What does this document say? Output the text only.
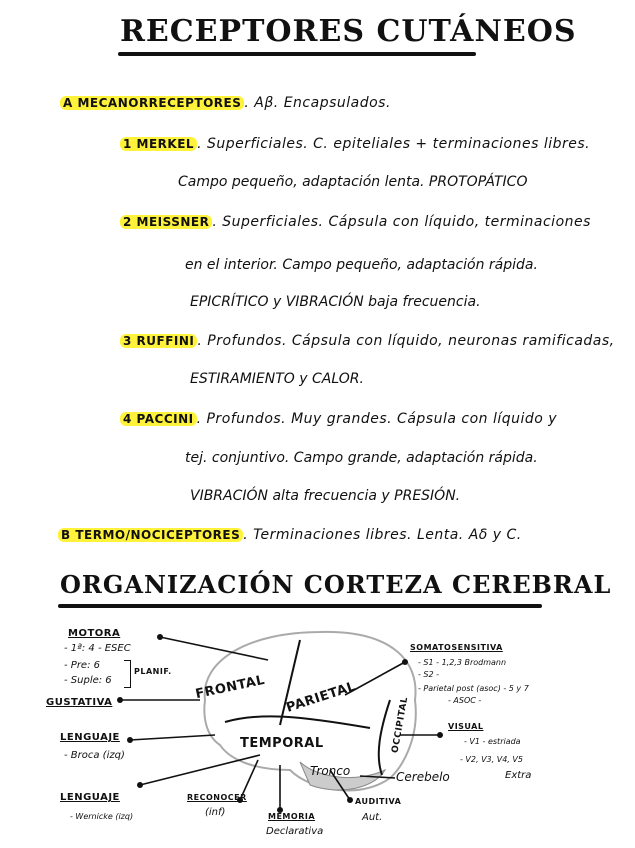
RECEPTORES CUTÁNEOS
A MECANORRECEPTORES . Aβ. Encapsulados.
1 MERKEL . Superficiales. C. epiteliales + terminaciones libres.
Campo pequeño, adaptación lenta. PROTOPÁTICO
2 MEISSNER . Superficiales. Cápsula con líquido, terminaciones
en el interior. Campo pequeño, adaptación rápida.
EPICRÍTICO y VIBRACIÓN baja frecuencia.
3 RUFFINI . Profundos. Cápsula con líquido, neuronas ramificadas,
ESTIRAMIENTO y CALOR.
4 PACCINI . Profundos. Muy grandes. Cápsula con líquido y
tej. conjuntivo. Campo grande, adaptación rápida.
VIBRACIÓN alta frecuencia y PRESIÓN.
B TERMO/NOCICEPTORES . Terminaciones libres. Lenta. Aδ y C.
ORGANIZACIÓN CORTEZA CEREBRAL
FRONTAL PARIETAL
TEMPORAL	OCCIPITAL
Tronco	Cerebelo
MOTORA
- 1ª: 4 - ESEC
- Pre: 6
- Suple: 6
PLANIF.
GUSTATIVA
LENGUAJE
- Broca (izq)
LENGUAJE
- Wernicke (izq)
RECONOCER
(inf)	MEMORIA
Declarativa
AUDITIVA
Aut.
SOMATOSENSITIVA
- S1 - 1,2,3 Brodmann
- S2 -
- Parietal post (asoc) - 5 y 7
- ASOC -
VISUAL
- V1 - estriada
- V2, V3, V4, V5
Extra
